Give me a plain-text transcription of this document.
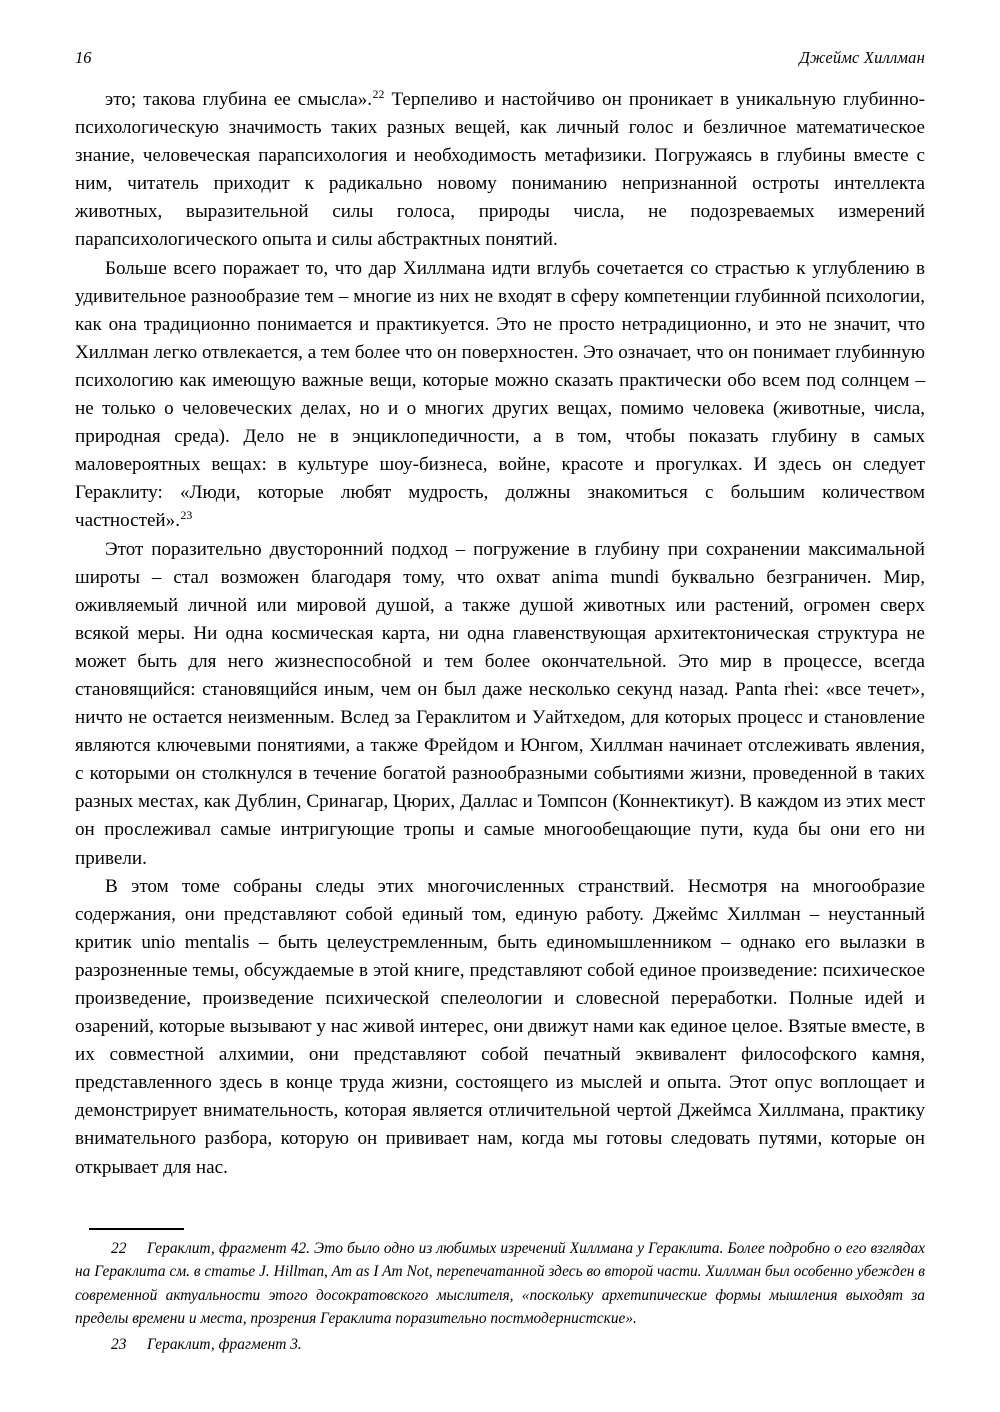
16	Джеймс Хиллман

это; такова глубина ее смысла».$^{22}$ Терпеливо и настойчиво он проникает в уникальную глубинно-психологическую значимость таких разных вещей, как личный голос и безличное математическое знание, человеческая парапсихология и необходимость метафизики. Погружаясь в глубины вместе с ним, читатель приходит к радикально новому пониманию непризнанной остроты интеллекта животных, выразительной силы голоса, природы числа, не подозреваемых измерений парапсихологического опыта и силы абстрактных понятий.

Больше всего поражает то, что дар Хиллмана идти вглубь сочетается со страстью к углублению в удивительное разнообразие тем – многие из них не входят в сферу компетенции глубинной психологии, как она традиционно понимается и практикуется. Это не просто нетрадиционно, и это не значит, что Хиллман легко отвлекается, а тем более что он поверхностен. Это означает, что он понимает глубинную психологию как имеющую важные вещи, которые можно сказать практически обо всем под солнцем – не только о человеческих делах, но и о многих других вещах, помимо человека (животные, числа, природная среда). Дело не в энциклопедичности, а в том, чтобы показать глубину в самых маловероятных вещах: в культуре шоу-бизнеса, войне, красоте и прогулках. И здесь он следует Гераклиту: «Люди, которые любят мудрость, должны знакомиться с большим количеством частностей».$^{23}$

Этот поразительно двусторонний подход – погружение в глубину при сохранении максимальной широты – стал возможен благодаря тому, что охват anima mundi буквально безграничен. Мир, оживляемый личной или мировой душой, а также душой животных или растений, огромен сверх всякой меры. Ни одна космическая карта, ни одна главенствующая архитектоническая структура не может быть для него жизнеспособной и тем более окончательной. Это мир в процессе, всегда становящийся: становящийся иным, чем он был даже несколько секунд назад. Panta rhei: «все течет», ничто не остается неизменным. Вслед за Гераклитом и Уайтхедом, для которых процесс и становление являются ключевыми понятиями, а также Фрейдом и Юнгом, Хиллман начинает отслеживать явления, с которыми он столкнулся в течение богатой разнообразными событиями жизни, проведенной в таких разных местах, как Дублин, Сринагар, Цюрих, Даллас и Томпсон (Коннектикут). В каждом из этих мест он прослеживал самые интригующие тропы и самые многообещающие пути, куда бы они его ни привели.

В этом томе собраны следы этих многочисленных странствий. Несмотря на многообразие содержания, они представляют собой единый том, единую работу. Джеймс Хиллман – неустанный критик unio mentalis – быть целеустремленным, быть единомышленником – однако его вылазки в разрозненные темы, обсуждаемые в этой книге, представляют собой единое произведение: психическое произведение, произведение психической спелеологии и словесной переработки. Полные идей и озарений, которые вызывают у нас живой интерес, они движут нами как единое целое. Взятые вместе, в их совместной алхимии, они представляют собой печатный эквивалент философского камня, представленного здесь в конце труда жизни, состоящего из мыслей и опыта. Этот опус воплощает и демонстрирует внимательность, которая является отличительной чертой Джеймса Хиллмана, практику внимательного разбора, которую он прививает нам, когда мы готовы следовать путями, которые он открывает для нас.

22 Гераклит, фрагмент 42. Это было одно из любимых изречений Хиллмана у Гераклита. Более подробно о его взглядах на Гераклита см. в статье J. Hillman, Am as I Am Not, перепечатанной здесь во второй части. Хиллман был особенно убежден в современной актуальности этого досократовского мыслителя, «поскольку архетипические формы мышления выходят за пределы времени и места, прозрения Гераклита поразительно постмодернистские».

23 Гераклит, фрагмент 3.
